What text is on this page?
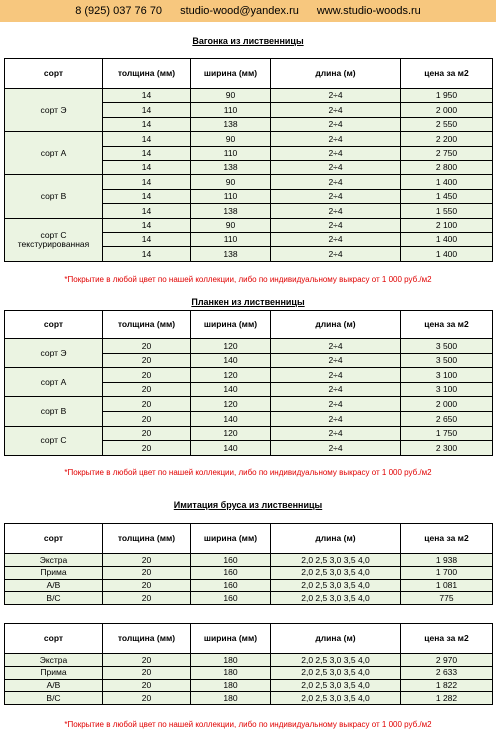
8 (925) 037 76 70 studio-wood@yandex.ru www.studio-woods.ru
Вагонка из лиственницы
сорт	толщина (мм)	ширина (мм)	длина (м)	цена за м2
сорт Э	14	90	2÷4	1 950
	14	110	2÷4	2 000
	14	138	2÷4	2 550
сорт А	14	90	2÷4	2 200
	14	110	2÷4	2 750
	14	138	2÷4	2 800
сорт В	14	90	2÷4	1 400
	14	110	2÷4	1 450
	14	138	2÷4	1 550
сорт С текстурированная	14	90	2÷4	2 100
	14	110	2÷4	1 400
	14	138	2÷4	1 400
*Покрытие в любой цвет по нашей коллекции, либо по индивидуальному выкрасу от 1 000 руб./м2
Планкен из лиственницы
сорт	толщина (мм)	ширина (мм)	длина (м)	цена за м2
сорт Э	20	120	2÷4	3 500
	20	140	2÷4	3 500
сорт А	20	120	2÷4	3 100
	20	140	2÷4	3 100
сорт В	20	120	2÷4	2 000
	20	140	2÷4	2 650
сорт С	20	120	2÷4	1 750
	20	140	2÷4	2 300
*Покрытие в любой цвет по нашей коллекции, либо по индивидуальному выкрасу от 1 000 руб./м2
Имитация бруса из лиственницы
сорт	толщина (мм)	ширина (мм)	длина (м)	цена за м2
Экстра	20	160	2,0 2,5 3,0 3,5 4,0	1 938
Прима	20	160	2,0 2,5 3,0 3,5 4,0	1 700
А/В	20	160	2,0 2,5 3,0 3,5 4,0	1 081
В/С	20	160	2,0 2,5 3,0 3,5 4,0	775
сорт	толщина (мм)	ширина (мм)	длина (м)	цена за м2
Экстра	20	180	2,0 2,5 3,0 3,5 4,0	2 970
Прима	20	180	2,0 2,5 3,0 3,5 4,0	2 633
А/В	20	180	2,0 2,5 3,0 3,5 4,0	1 822
В/С	20	180	2,0 2,5 3,0 3,5 4,0	1 282
*Покрытие в любой цвет по нашей коллекции, либо по индивидуальному выкрасу от 1 000 руб./м2
